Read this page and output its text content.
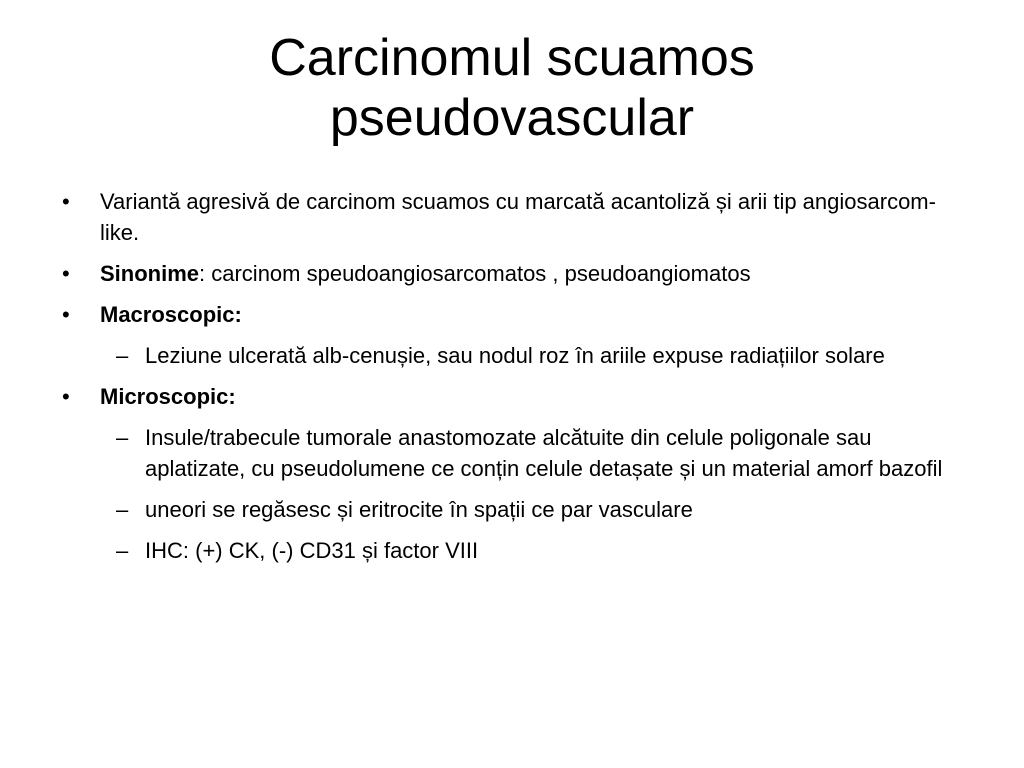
Carcinomul scuamos
pseudovascular
• Variantă agresivă de carcinom scuamos cu marcată acantoliză și arii tip angiosarcom-like.
• Sinonime: carcinom speudoangiosarcomatos , pseudoangiomatos
• Macroscopic:
– Leziune ulcerată alb-cenușie, sau nodul roz în ariile expuse radiațiilor solare
• Microscopic:
– Insule/trabecule tumorale anastomozate alcătuite din celule poligonale sau aplatizate, cu pseudolumene ce conțin celule detașate și un material amorf bazofil
– uneori se regăsesc și eritrocite în spații ce par vasculare
– IHC: (+) CK, (-) CD31 și factor VIII
